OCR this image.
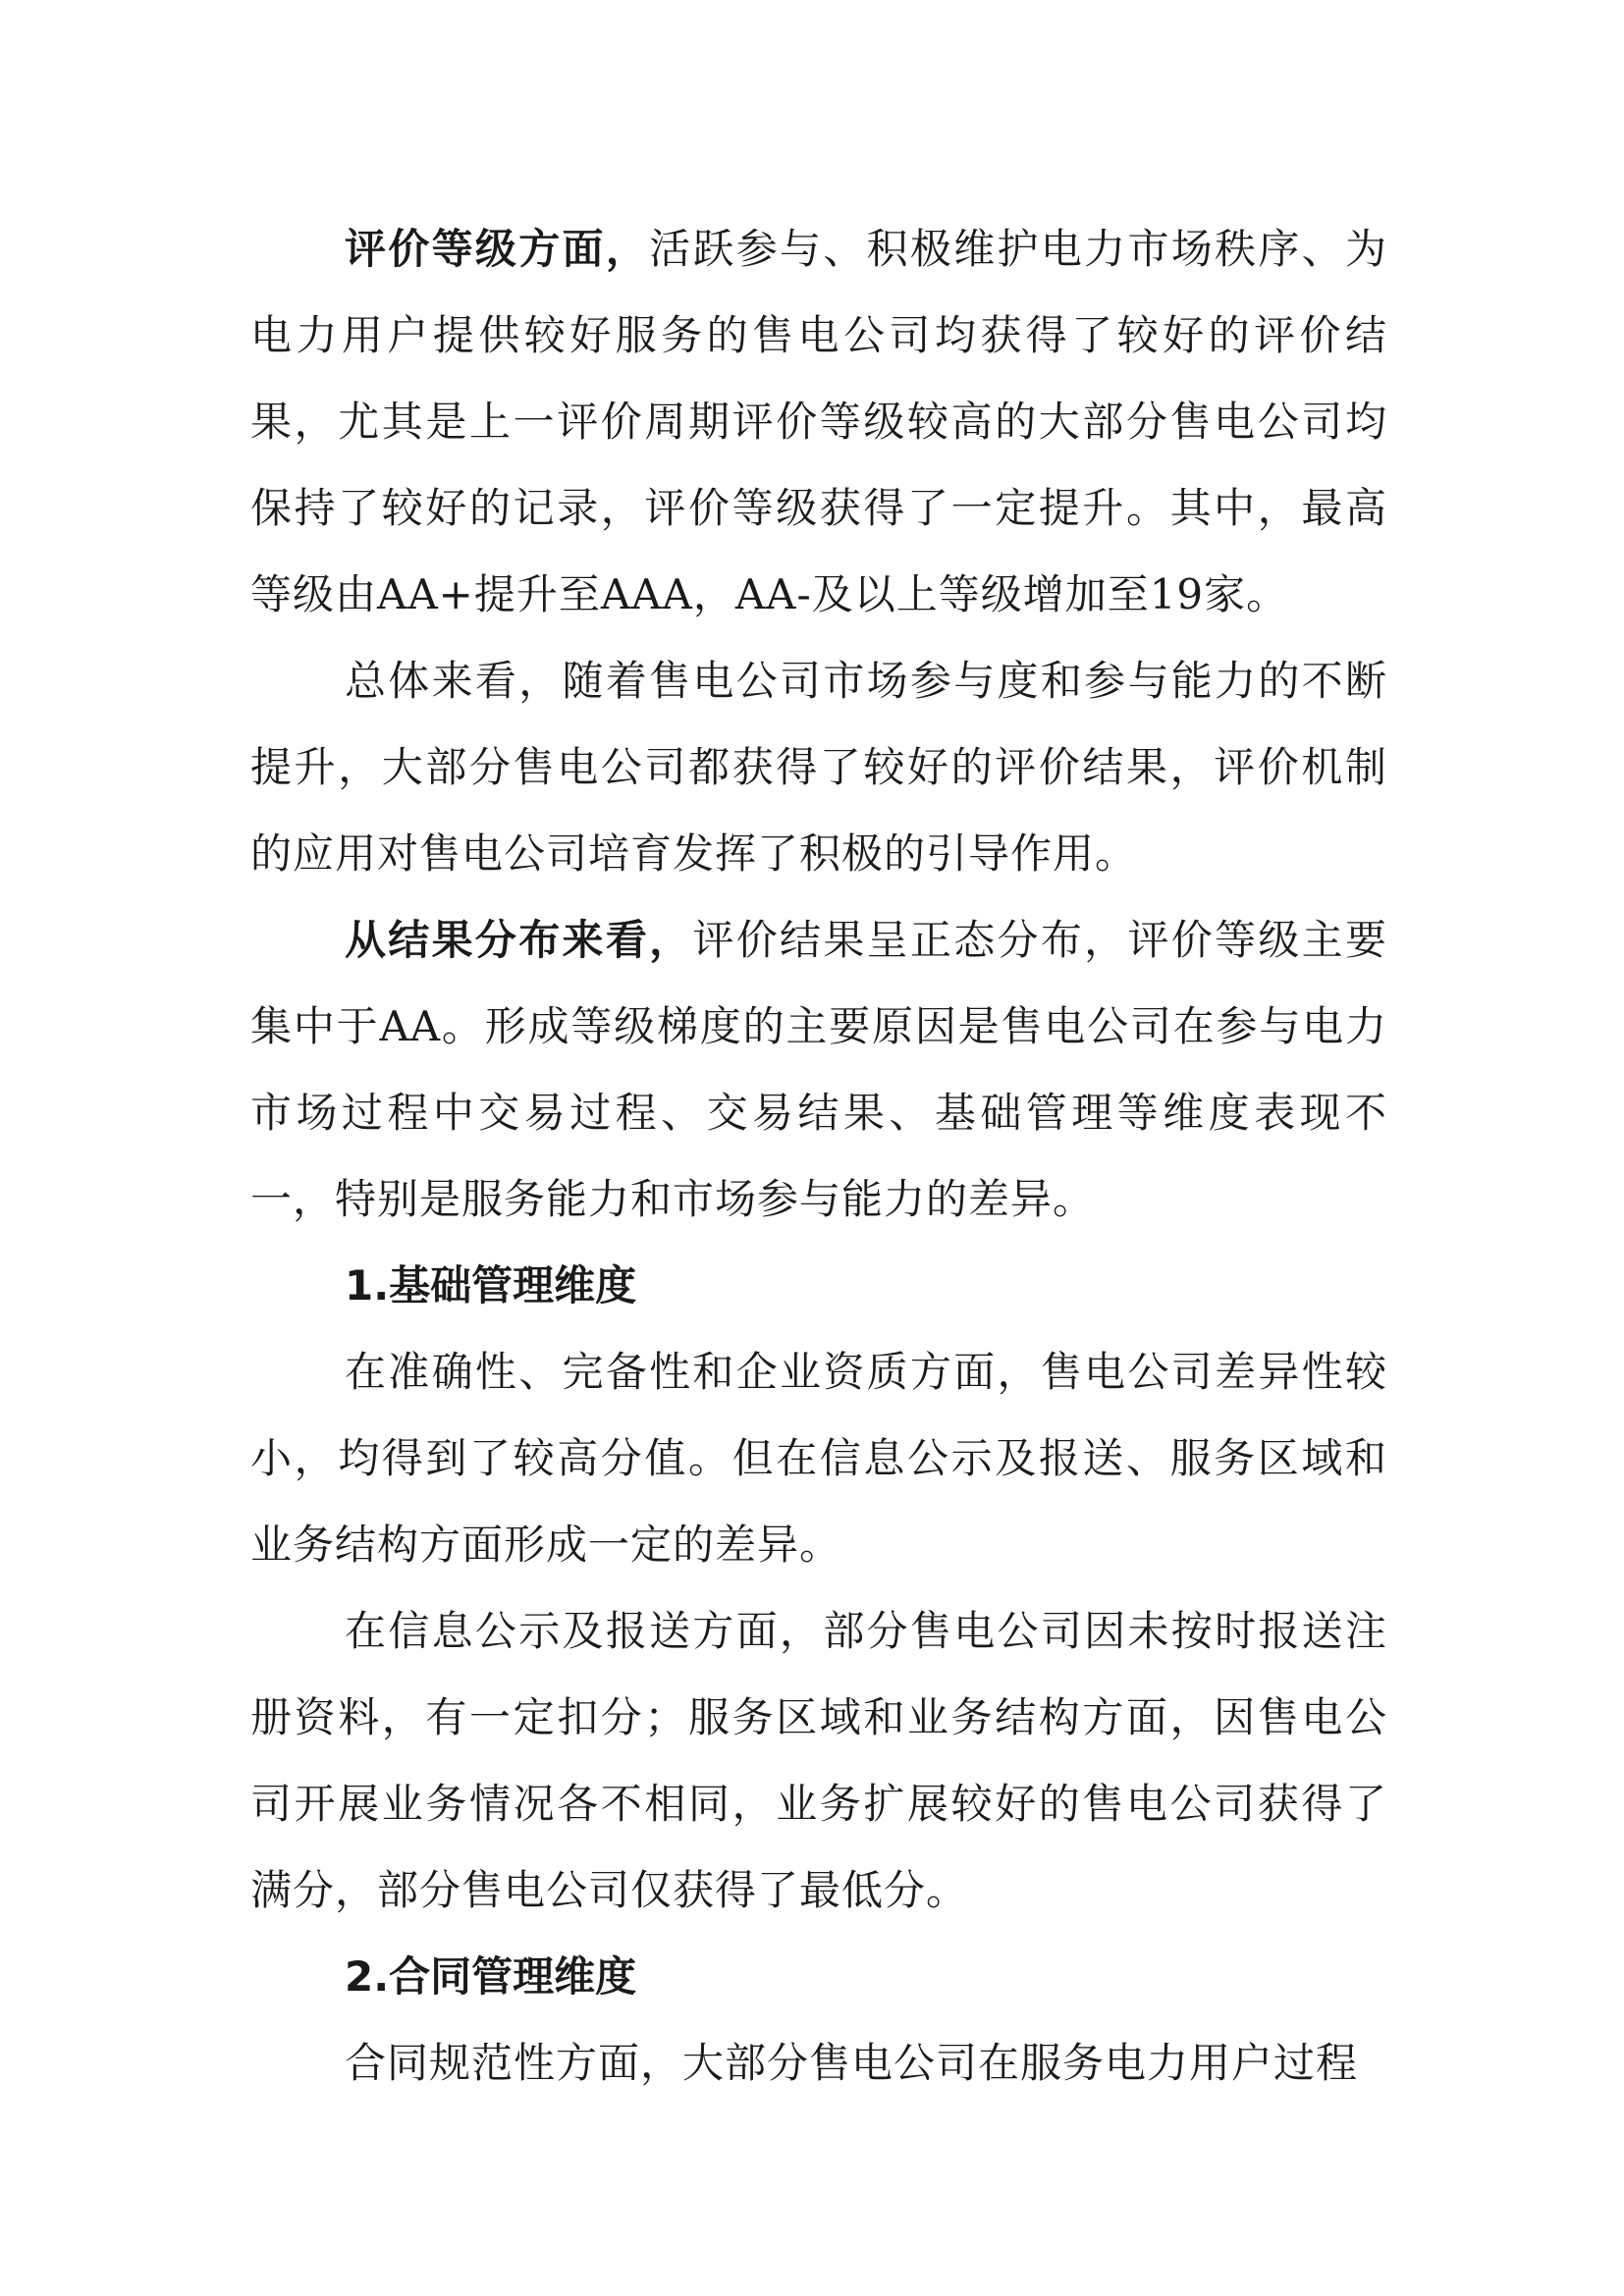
评价等级方面，活跃参与、积极维护电力市场秩序、为电力用户提供较好服务的售电公司均获得了较好的评价结果，尤其是上一评价周期评价等级较高的大部分售电公司均保持了较好的记录，评价等级获得了一定提升。其中，最高等级由AA+提升至AAA，AA-及以上等级增加至19家。

总体来看，随着售电公司市场参与度和参与能力的不断提升，大部分售电公司都获得了较好的评价结果，评价机制的应用对售电公司培育发挥了积极的引导作用。

从结果分布来看，评价结果呈正态分布，评价等级主要集中于AA。形成等级梯度的主要原因是售电公司在参与电力市场过程中交易过程、交易结果、基础管理等维度表现不一，特别是服务能力和市场参与能力的差异。

1.基础管理维度

在准确性、完备性和企业资质方面，售电公司差异性较小，均得到了较高分值。但在信息公示及报送、服务区域和业务结构方面形成一定的差异。

在信息公示及报送方面，部分售电公司因未按时报送注册资料，有一定扣分；服务区域和业务结构方面，因售电公司开展业务情况各不相同，业务扩展较好的售电公司获得了满分，部分售电公司仅获得了最低分。

2.合同管理维度

合同规范性方面，大部分售电公司在服务电力用户过程
